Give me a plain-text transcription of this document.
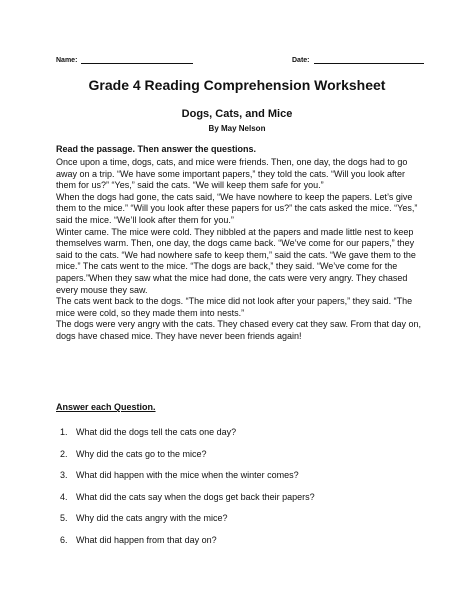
Name:	Date:
Grade 4 Reading Comprehension Worksheet
Dogs, Cats, and Mice
By May Nelson
Read the passage. Then answer the questions.

Once upon a time, dogs, cats, and mice were friends. Then, one day, the dogs had to go away on a trip. “We have some important papers,” they told the cats. “Will you look after them for us?” “Yes,” said the cats. “We will keep them safe for you.”

When the dogs had gone, the cats said, “We have nowhere to keep the papers. Let’s give them to the mice.” “Will you look after these papers for us?” the cats asked the mice. “Yes,” said the mice. “We’ll look after them for you.”

Winter came. The mice were cold. They nibbled at the papers and made little nest to keep themselves warm. Then, one day, the dogs came back. “We’ve come for our papers,” they said to the cats. “We had nowhere safe to keep them,” said the cats. “We gave them to the mice.” The cats went to the mice. “The dogs are back,” they said. “We’ve come for the papers.”When they saw what the mice had done, the cats were very angry. They chased every mouse they saw.

The cats went back to the dogs. “The mice did not look after your papers,” they said. “The mice were cold, so they made them into nests.”

The dogs were very angry with the cats. They chased every cat they saw. From that day on, dogs have chased mice. They have never been friends again!

Answer each Question.
1. What did the dogs tell the cats one day?
2. Why did the cats go to the mice?
3. What did happen with the mice when the winter comes?
4. What did the cats say when the dogs get back their papers?
5. Why did the cats angry with the mice?
6. What did happen from that day on?
